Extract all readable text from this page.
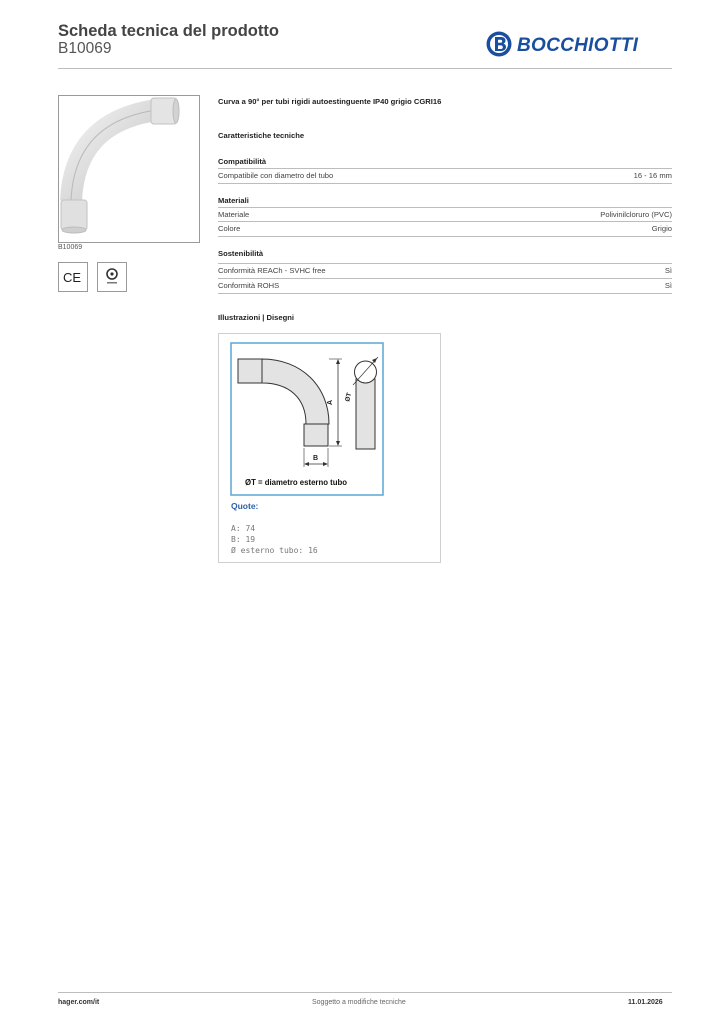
Scheda tecnica del prodotto
B10069	BOCCHIOTTI
B10069
CE
Curva a 90° per tubi rigidi autoestinguente IP40 grigio CGRI16
Caratteristiche tecniche
Compatibilità
Compatibile con diametro del tubo	16 - 16 mm
Materiali
Materiale	Polivinilcloruro (PVC)
Colore	Grigio
Sostenibilità
Conformità REACh - SVHC free	Sì
Conformità ROHS	Sì
Illustrazioni | Disegni
A
B
ØT
ØT = diametro esterno tubo
Quote:
A: 74
B: 19
Ø esterno tubo: 16
hager.com/it	Soggetto a modifiche tecniche	11.01.2026
